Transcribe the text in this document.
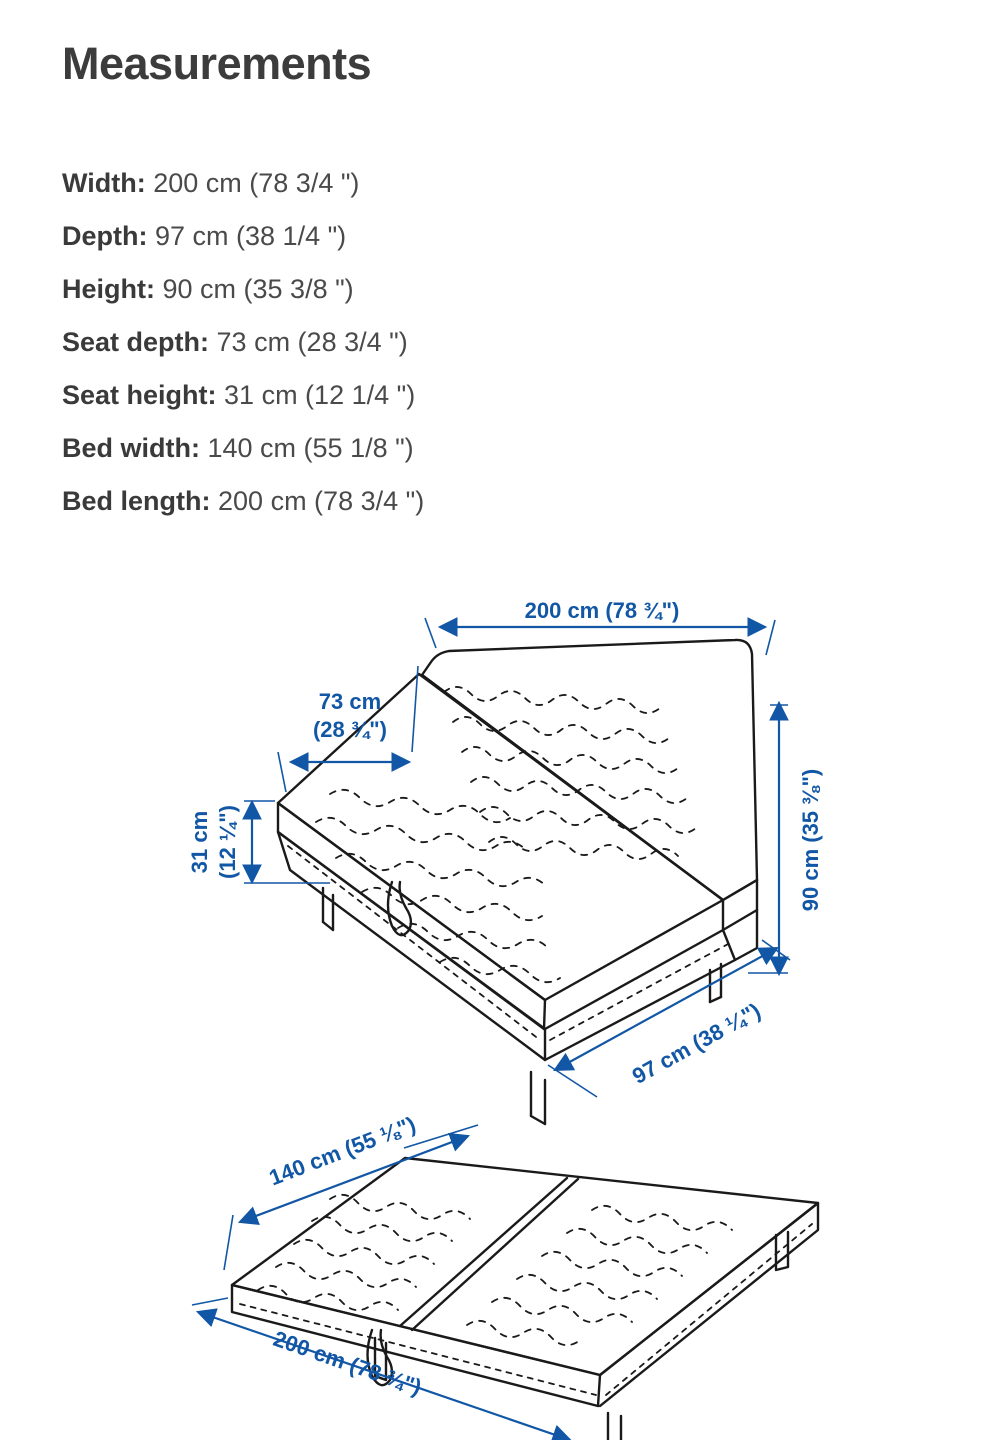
Measurements
Width: 200 cm (78 3/4 ")
Depth: 97 cm (38 1/4 ")
Height: 90 cm (35 3/8 ")
Seat depth: 73 cm (28 3/4 ")
Seat height: 31 cm (12 1/4 ")
Bed width: 140 cm (55 1/8 ")
Bed length: 200 cm (78 3/4 ")
200 cm (78 ¾")
73 cm
(28 ¾")
31 cm (12 ¼")	90 cm (35 ⅜")
97 cm (38 ¼")
140 cm (55 ⅛")
200 cm (78 ¾")
